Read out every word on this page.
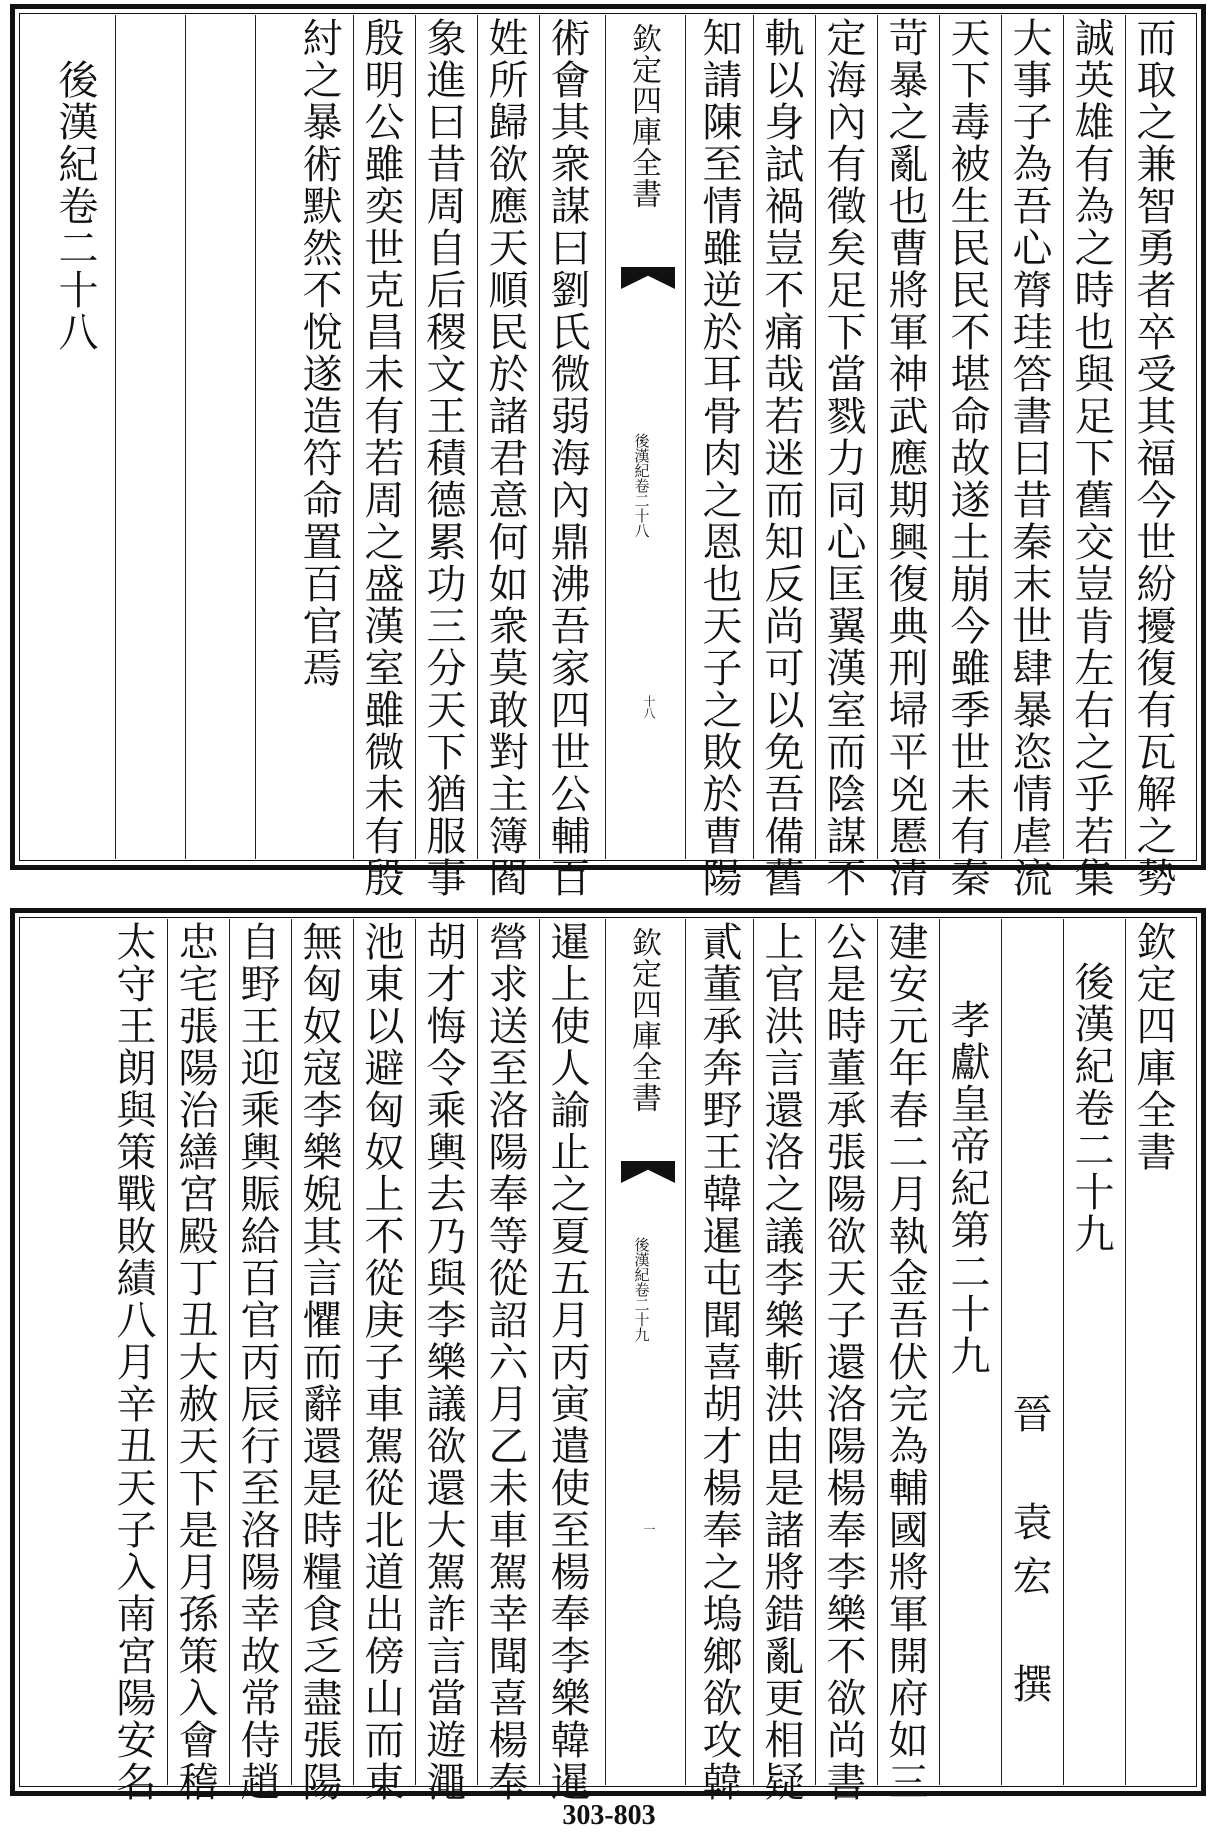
而取之兼智勇者卒受其福今世紛擾復有瓦解之勢
誠英雄有為之時也與足下舊交豈肯左右之乎若集
大事子為吾心膂珪答書曰昔秦末世肆暴恣情虐流
天下毒被生民民不堪命故遂土崩今雖季世未有秦
苛暴之亂也曹將軍神武應期興復典刑埽平兇慝清
定海內有徵矣足下當戮力同心匡翼漢室而陰謀不
軌以身試禍豈不痛哉若迷而知反尚可以免吾備舊
知請陳至情雖逆於耳骨肉之恩也天子之敗於曹陽
欽定四庫全書
後漢紀卷二十八
十八
術會其衆謀曰劉氏微弱海內鼎沸吾家四世公輔百
姓所歸欲應天順民於諸君意何如衆莫敢對主簿閻
象進曰昔周自后稷文王積德累功三分天下猶服事
殷明公雖奕世克昌未有若周之盛漢室雖微未有殷
紂之暴術默然不悅遂造符命置百官焉
後漢紀卷二十八
欽定四庫全書
後漢紀卷二十九
晉　袁宏　撰
孝獻皇帝紀第二十九
建安元年春二月執金吾伏完為輔國將軍開府如三
公是時董承張陽欲天子還洛陽楊奉李樂不欲尚書
上官洪言還洛之議李樂斬洪由是諸將錯亂更相疑
貳董承奔野王韓暹屯聞喜胡才楊奉之塢鄉欲攻韓
欽定四庫全書
後漢紀卷二十九
一
暹上使人諭止之夏五月丙寅遣使至楊奉李樂韓暹
營求送至洛陽奉等從詔六月乙未車駕幸聞喜楊奉
胡才悔令乘輿去乃與李樂議欲還大駕詐言當遊澠
池東以避匈奴上不從庚子車駕從北道出傍山而東
無匈奴寇李樂婗其言懼而辭還是時糧食乏盡張陽
自野王迎乘輿賑給百官丙辰行至洛陽幸故常侍趙
忠宅張陽治繕宮殿丁丑大赦天下是月孫策入會稽
太守王朗與策戰敗績八月辛丑天子入南宮陽安名
303-803
